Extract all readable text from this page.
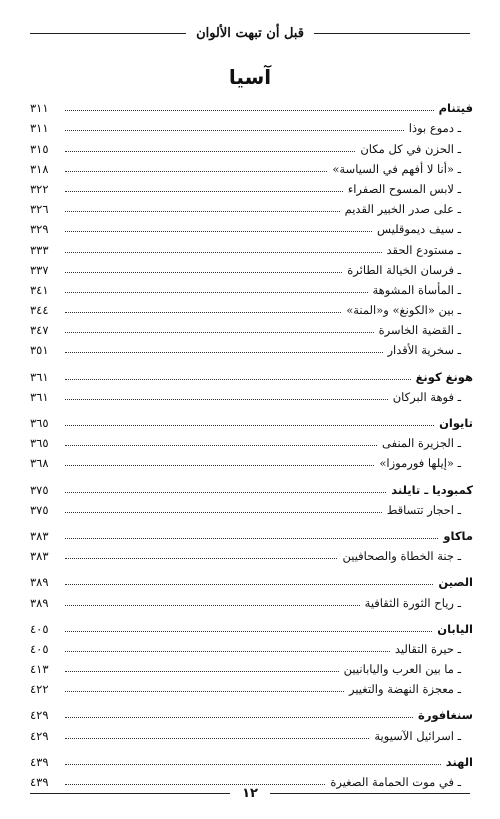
قبل أن تبهت الألوان
آسيا
فيتنام
٣١١
ـ دموع بوذا
٣١١
ـ الحزن في كل مكان
٣١٥
ـ «أنا لا أفهم في السياسة»
٣١٨
ـ لابس المسوح الصفراء
٣٢٢
ـ على صدر الخبير القديم
٣٢٦
ـ سيف ديموقليس
٣٢٩
ـ مستودع الحقد
٣٣٣
ـ فرسان الخيالة الطائرة
٣٣٧
ـ المأساة المشوهة
٣٤١
ـ بين «الكونغ» و«المنة»
٣٤٤
ـ القضية الخاسرة
٣٤٧
ـ سخرية الأقدار
٣٥١
هونغ كونغ
٣٦١
ـ فوهة البركان
٣٦١
تايوان
٣٦٥
ـ الجزيرة المنفى
٣٦٥
ـ «إيلها فورموزا»
٣٦٨
كمبوديا ـ تايلند
٣٧٥
ـ احجار تتساقط
٣٧٥
ماكاو
٣٨٣
ـ جنة الخطاة والصحافيين
٣٨٣
الصين
٣٨٩
ـ رياح الثورة الثقافية
٣٨٩
اليابان
٤٠٥
ـ حيرة التقاليد
٤٠٥
ـ ما بين العرب واليابانيين
٤١٣
ـ معجزة النهضة والتغيير
٤٢٢
سنغافورة
٤٢٩
ـ اسرائيل الآسيوية
٤٢٩
الهند
٤٣٩
ـ في موت الحمامة الصغيرة
٤٣٩
١٢
